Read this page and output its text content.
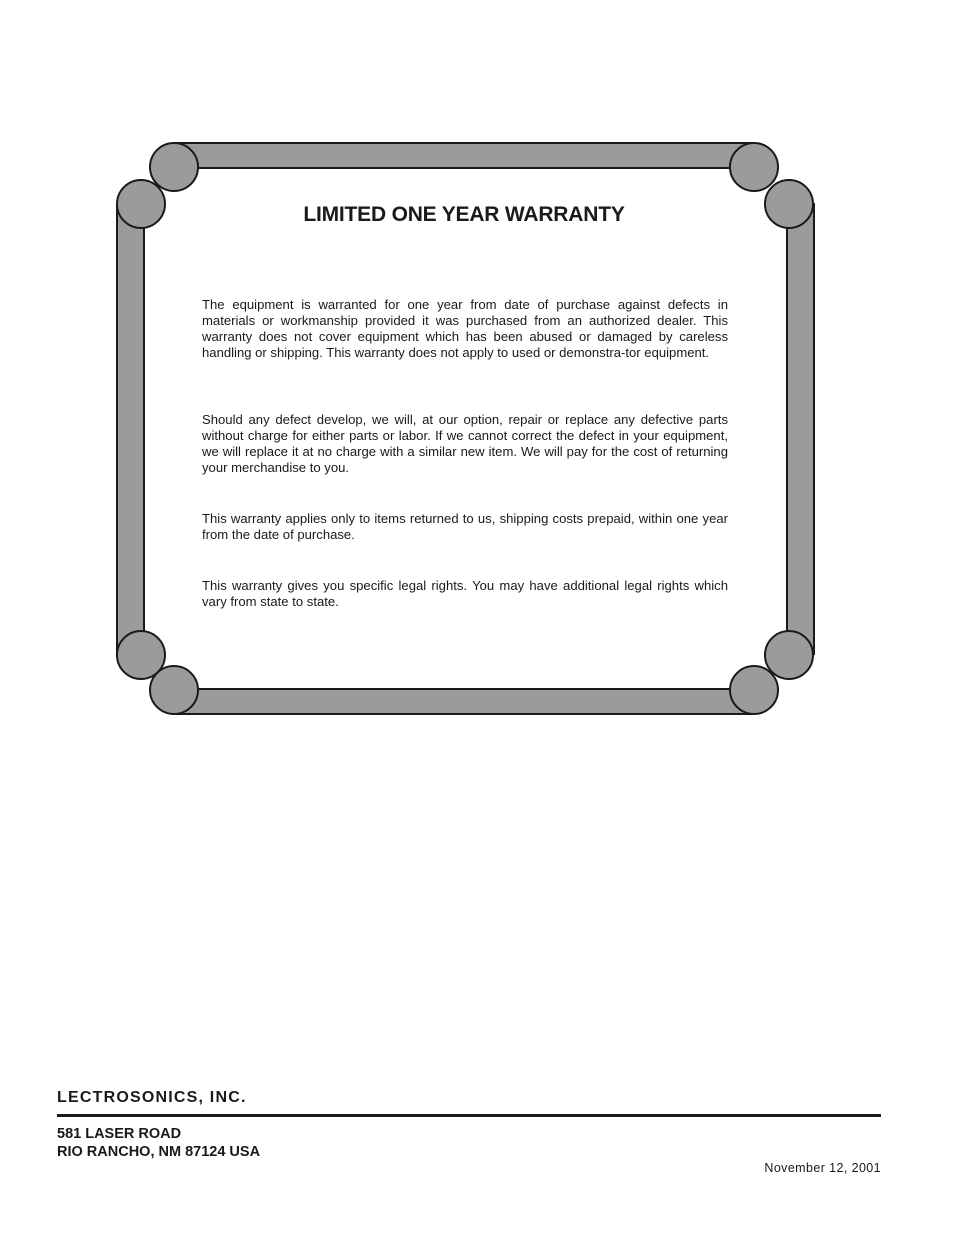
LIMITED ONE YEAR WARRANTY

The equipment is warranted for one year from date of purchase against defects in materials or workmanship provided it was purchased from an authorized dealer. This warranty does not cover equipment which has been abused or damaged by careless handling or shipping. This warranty does not apply to used or demonstra-tor equipment.

Should any defect develop, we will, at our option, repair or replace any defective parts without charge for either parts or labor. If we cannot correct the defect in your equipment, we will replace it at no charge with a similar new item. We will pay for the cost of returning your merchandise to you.

This warranty applies only to items returned to us, shipping costs prepaid, within one year from the date of purchase.

This warranty gives you specific legal rights. You may have additional legal rights which vary from state to state.

LECTROSONICS, INC.
581 LASER ROAD
RIO RANCHO, NM 87124 USA
November 12, 2001
